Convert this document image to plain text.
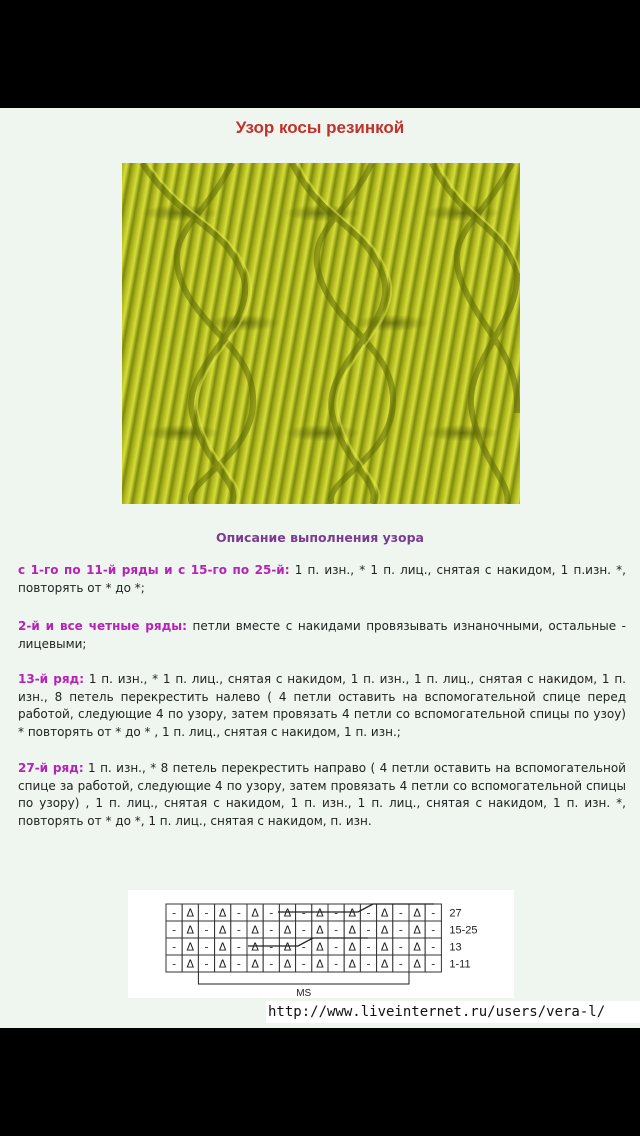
Узор косы резинкой
Описание выполнения узора
с 1-го по 11-й ряды и с 15-го по 25-й: 1 п. изн., * 1 п. лиц., снятая с накидом, 1 п.изн. *, повторять от * до *;
2-й и все четные ряды: петли вместе с накидами провязывать изнаночными, остальные - лицевыми;
13-й ряд: 1 п. изн., * 1 п. лиц., снятая с накидом, 1 п. изн., 1 п. лиц., снятая с накидом, 1 п. изн., 8 петель перекрестить налево ( 4 петли оставить на вспомогательной спице перед работой, следующие 4 по узору, затем провязать 4 петли со вспомогательной спицы по узоу) * повторять от * до * , 1 п. лиц., снятая с накидом, 1 п. изн.;
27-й ряд: 1 п. изн., * 8 петель перекрестить направо ( 4 петли оставить на вспомогательной спице за работой, следующие 4 по узору, затем провязать 4 петли со вспомогательной спицы по узору) , 1 п. лиц., снятая с накидом, 1 п. изн., 1 п. лиц., снятая с накидом, 1 п. изн. *, повторять от * до *, 1 п. лиц., снятая с накидом, п. изн.
- Δ - Δ - Δ - Δ - Δ - Δ - Δ - Δ - 27
- Δ - Δ - Δ - Δ - Δ - Δ - Δ - Δ - 15-25
- Δ - Δ - Δ - Δ - Δ - Δ - Δ - Δ - 13
- Δ - Δ - Δ - Δ - Δ - Δ - Δ - Δ - 1-11
MS
http://www.liveinternet.ru/users/vera-l/
